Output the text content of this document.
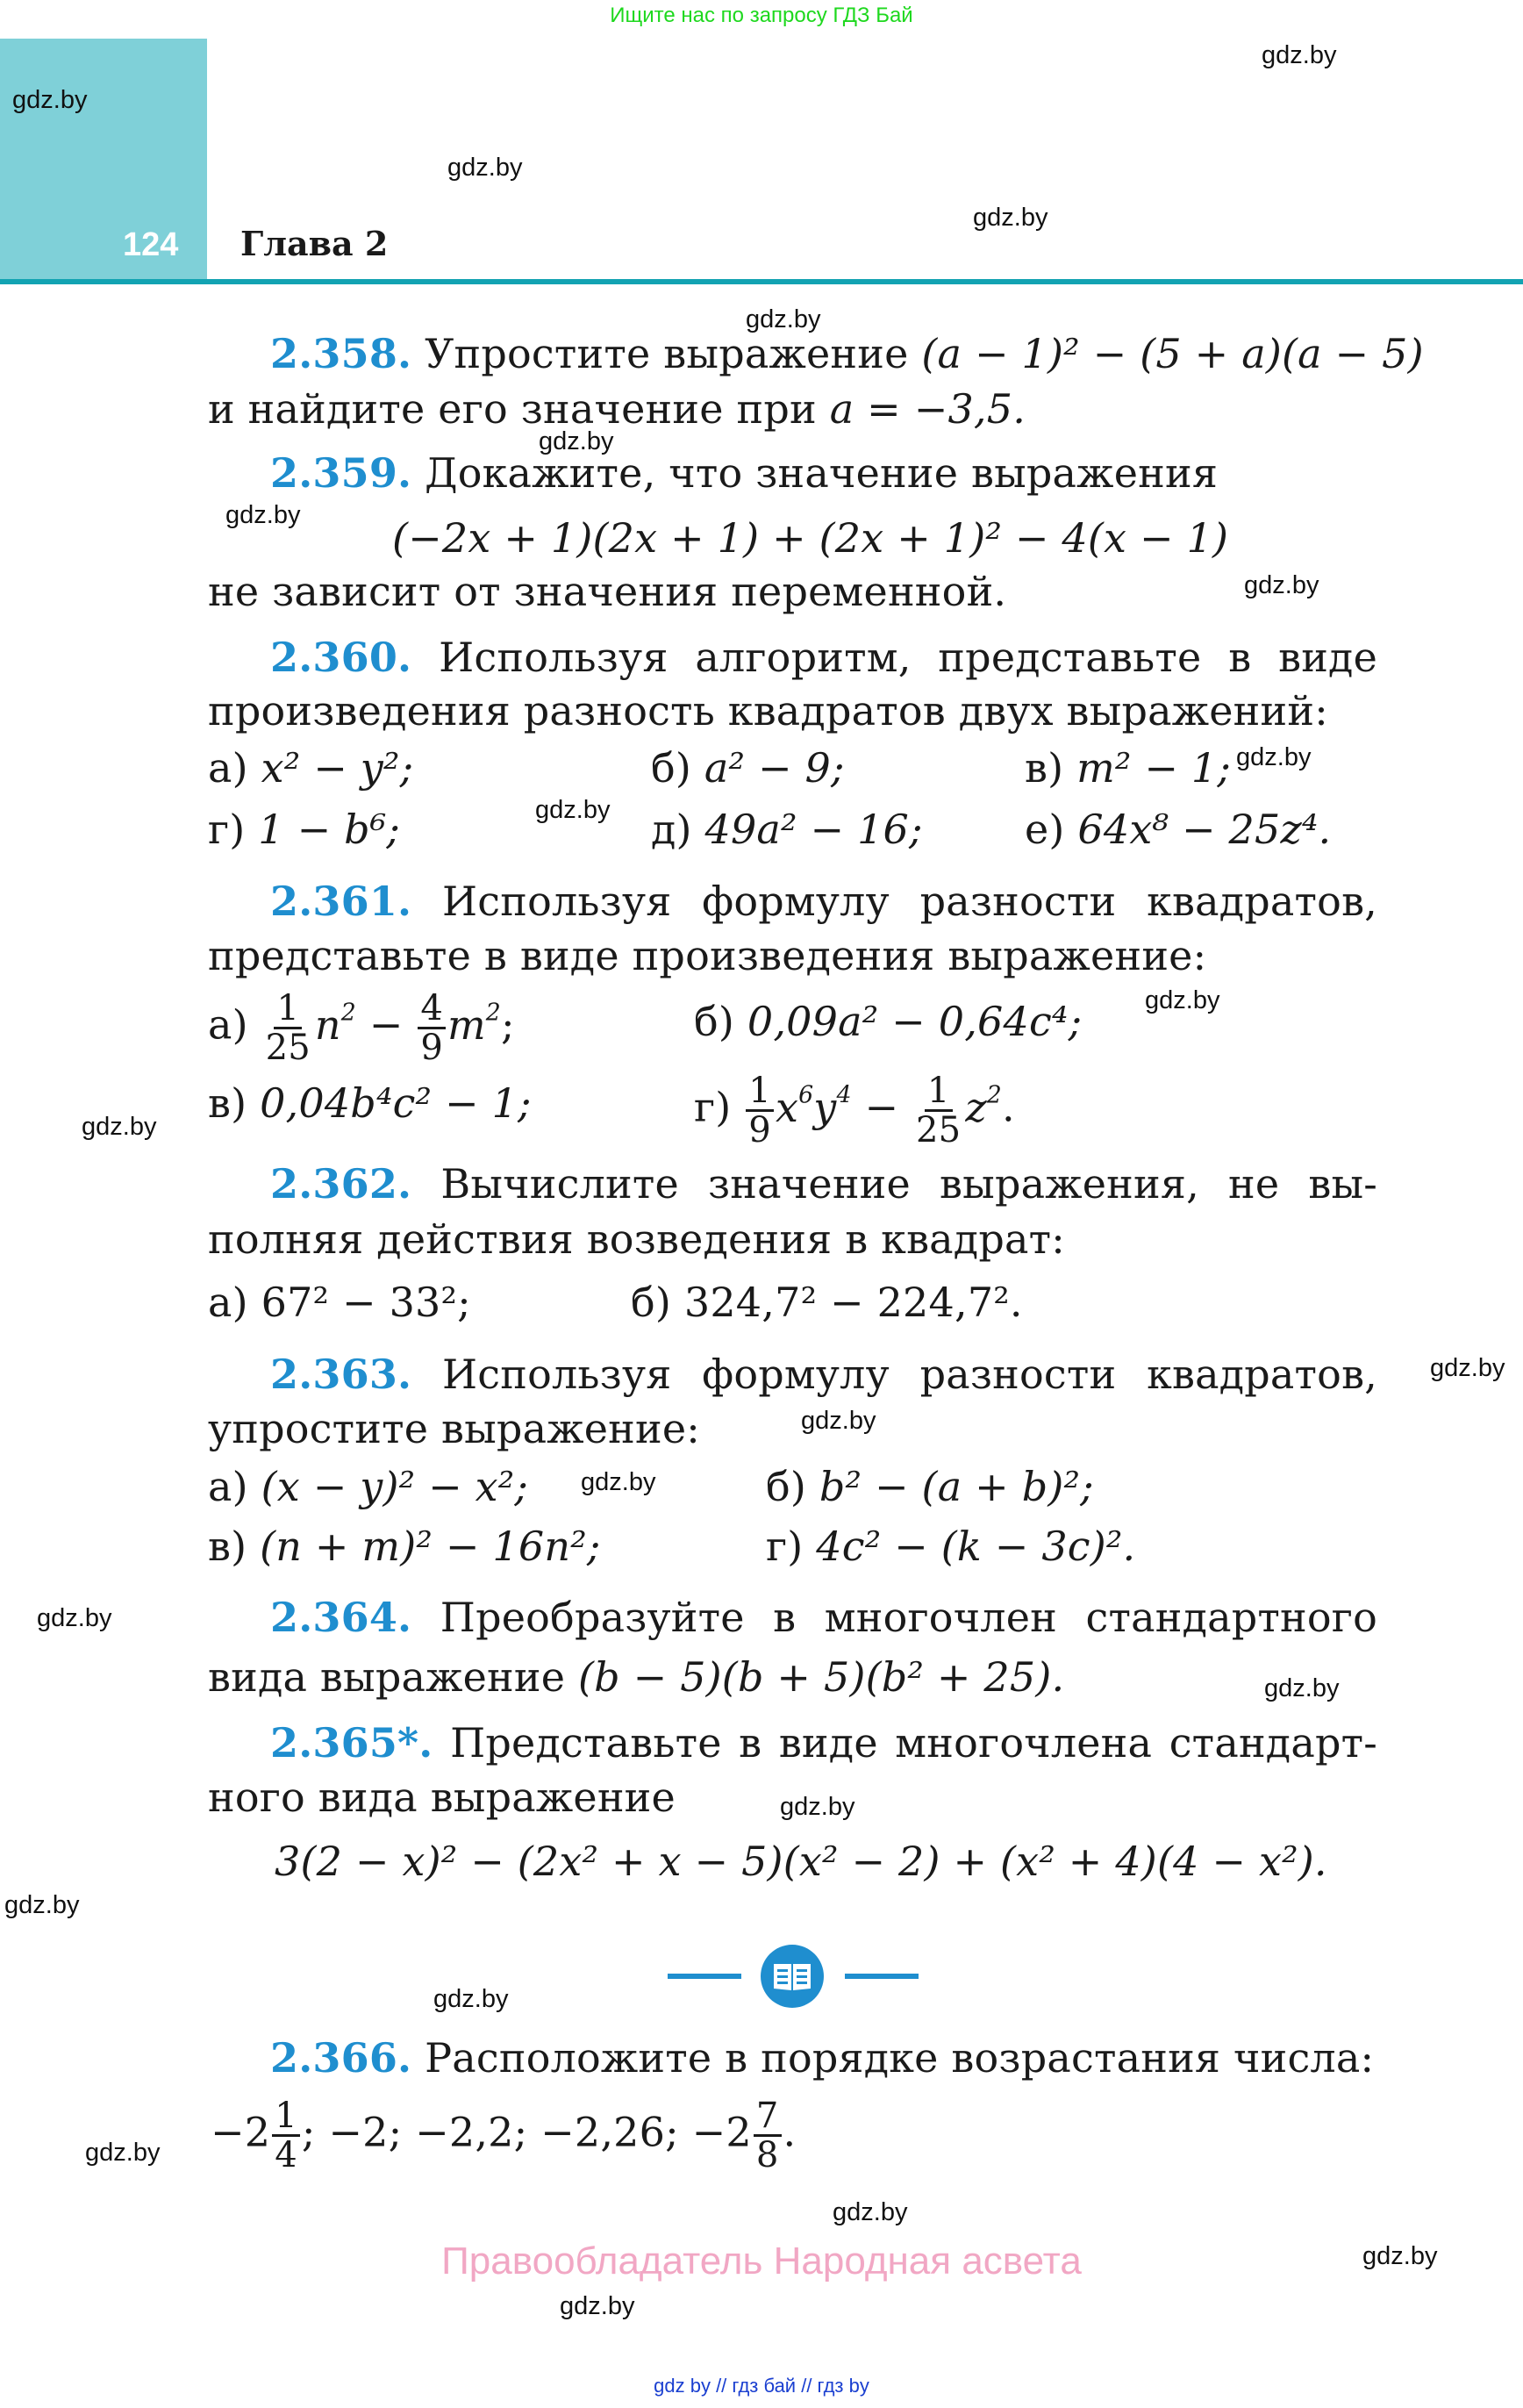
Ищите нас по запросу ГДЗ Бай
124 Глава 2
gdz.by
gdz.by
gdz.by
gdz.by
gdz.by
gdz.by
gdz.by
gdz.by
gdz.by
gdz.by
gdz.by
gdz.by
gdz.by
gdz.by
gdz.by
gdz.by
gdz.by
gdz.by
gdz.by
gdz.by
gdz.by
gdz.by
gdz.by
gdz.by
2.358. Упростите выражение (a − 1)² − (5 + a)(a − 5)
и найдите его значение при a = −3,5.
2.359. Докажите, что значение выражения
(−2x + 1)(2x + 1) + (2x + 1)² − 4(x − 1)
не зависит от значения переменной.
2.360. Используя алгоритм, представьте в виде
произведения разность квадратов двух выражений:
а) x² − y²;	б) a² − 9;	в) m² − 1;
г) 1 − b⁶;	д) 49a² − 16;	е) 64x⁸ − 25z⁴.
2.361. Используя формулу разности квадратов,
представьте в виде произведения выражение:
$а) \frac{1}{25} n^2 - \frac{4}{9} m^2$;	б) 0,09a² − 0,64c⁴;
в) 0,04b⁴c² − 1;	$г) \frac{1}{9} x^6y^4 - \frac{1}{25} z^2$.
2.362. Вычислите значение выражения, не вы-
полняя действия возведения в квадрат:
а) 67² − 33²;	б) 324,7² − 224,7².
2.363. Используя формулу разности квадратов,
упростите выражение:
а) (x − y)² − x²;	б) b² − (a + b)²;
в) (n + m)² − 16n²;	г) 4c² − (k − 3c)².
2.364. Преобразуйте в многочлен стандартного
вида выражение (b − 5)(b + 5)(b² + 25).
2.365*. Представьте в виде многочлена стандарт-
ного вида выражение
3(2 − x)² − (2x² + x − 5)(x² − 2) + (x² + 4)(4 − x²).
2.366. Расположите в порядке возрастания числа:
$-2 \frac{1}{4}$ ; −2; −2,2; −2,26; $-2 \frac{7}{8}$ .
Правообладатель Народная асвета
gdz by // гдз бай // гдз by
